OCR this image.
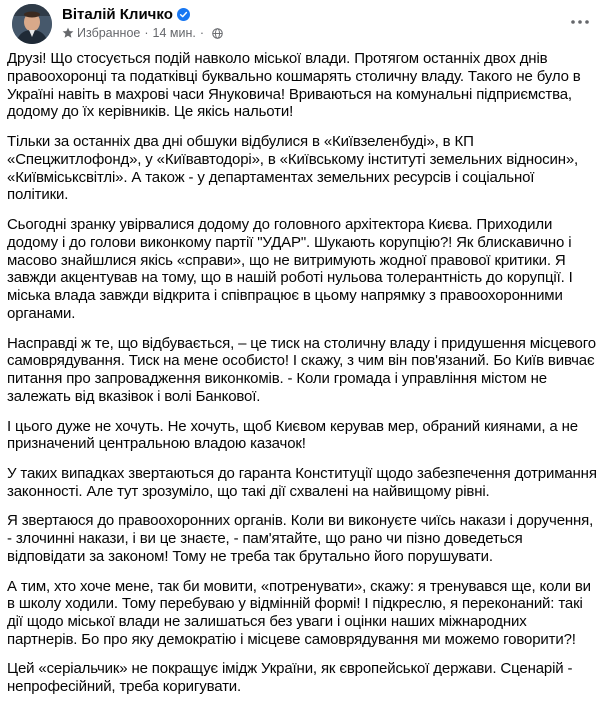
Віталій Кличко
Избранное · 14 мин. ·

Друзі! Що стосується подій навколо міської влади. Протягом останніх двох днів правоохоронці та податківці буквально кошмарять столичну владу. Такого не було в Україні навіть в махрові часи Януковича! Вриваються на комунальні підприємства, додому до їх керівників. Це якісь нальоти!

Тільки за останніх два дні обшуки відбулися в «Київзеленбуді», в КП «Спецжитлофонд», у «Київавтодорі», в «Київському інституті земельних відносин», «Київміськсвітлі». А також - у департаментах земельних ресурсів і соціальної політики.

Сьогодні зранку увірвалися додому до головного архітектора Києва. Приходили додому і до голови виконкому партії "УДАР". Шукають корупцію?! Як блискавично і масово знайшлися якісь «справи», що не витримують жодної правової критики. Я завжди акцентував на тому, що в нашій роботі нульова толерантність до корупції. І міська влада завжди відкрита і співпрацює в цьому напрямку з правоохоронними органами.

Насправді ж те, що відбувається, – це тиск на столичну владу і придушення місцевого самоврядування. Тиск на мене особисто! І скажу, з чим він пов'язаний. Бо Київ вивчає питання про запровадження виконкомів. - Коли громада і управління містом не залежать від вказівок і волі Банкової.

І цього дуже не хочуть. Не хочуть, щоб Києвом керував мер, обраний киянами, а не призначений центральною владою казачок!

У таких випадках звертаються до гаранта Конституції щодо забезпечення дотримання законності. Але тут зрозуміло, що такі дії схвалені на найвищому рівні.

Я звертаюся до правоохоронних органів. Коли ви виконуєте чиїсь накази і доручення, - злочинні накази, і ви це знаєте, - пам'ятайте, що рано чи пізно доведеться відповідати за законом! Тому не треба так брутально його порушувати.

А тим, хто хоче мене, так би мовити, «потренувати», скажу: я тренувався ще, коли ви в школу ходили. Тому перебуваю у відмінній формі! І підкреслю, я переконаний: такі дії щодо міської влади не залишаться без уваги і оцінки наших міжнародних партнерів. Бо про яку демократію і місцеве самоврядування ми можемо говорити?!

Цей «серіальчик» не покращує імідж України, як європейської держави. Сценарій - непрофесійний, треба коригувати.
